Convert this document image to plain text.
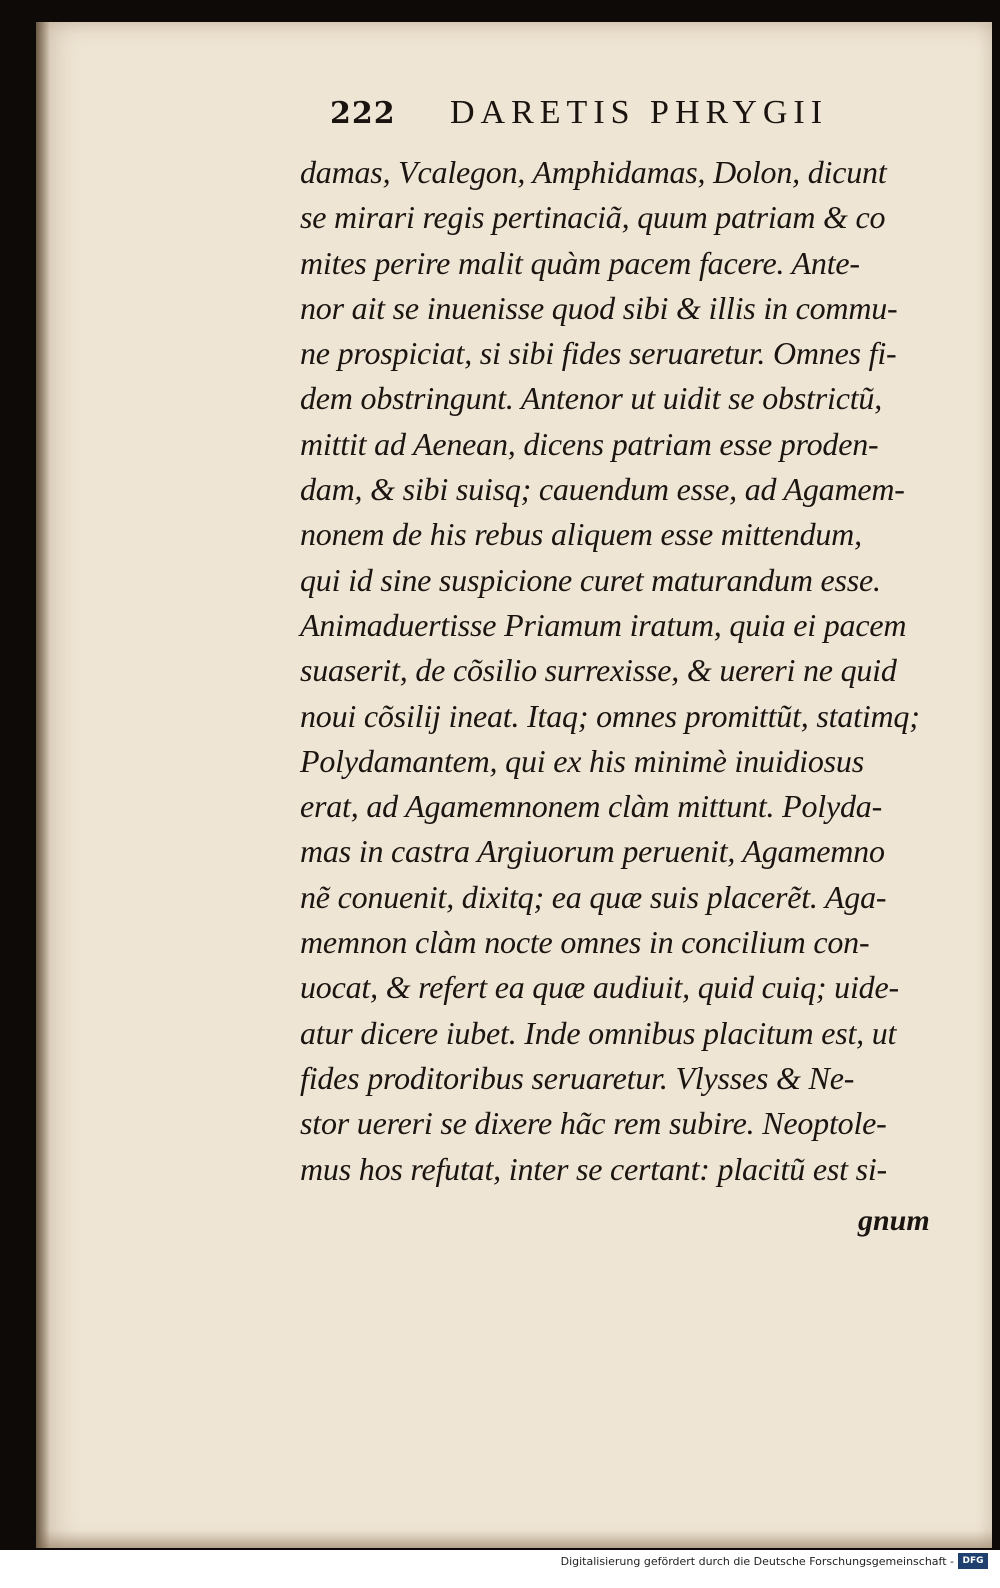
222 DARETIS PHRYGII
damas, Vcalegon, Amphidamas, Dolon, dicunt
se mirari regis pertinaciã, quum patriam & co
mites perire malit quàm pacem facere. Ante-
nor ait se inuenisse quod sibi & illis in commu-
ne prospiciat, si sibi fides seruaretur. Omnes fi-
dem obstringunt. Antenor ut uidit se obstrictũ,
mittit ad Aenean, dicens patriam esse proden-
dam, & sibi suisq; cauendum esse, ad Agamem-
nonem de his rebus aliquem esse mittendum,
qui id sine suspicione curet maturandum esse.
Animaduertisse Priamum iratum, quia ei pacem
suaserit, de cõsilio surrexisse, & uereri ne quid
noui cõsilij ineat. Itaq; omnes promittũt, statimq;
Polydamantem, qui ex his minimè inuidiosus
erat, ad Agamemnonem clàm mittunt. Polyda-
mas in castra Argiuorum peruenit, Agamemno
nẽ conuenit, dixitq; ea quæ suis placerẽt. Aga-
memnon clàm nocte omnes in concilium con-
uocat, & refert ea quæ audiuit, quid cuiq; uide-
atur dicere iubet. Inde omnibus placitum est, ut
fides proditoribus seruaretur. Vlysses & Ne-
stor uereri se dixere hãc rem subire. Neoptole-
mus hos refutat, inter se certant: placitũ est si-
gnum
Digitalisierung gefördert durch die Deutsche Forschungsgemeinschaft - DFG
